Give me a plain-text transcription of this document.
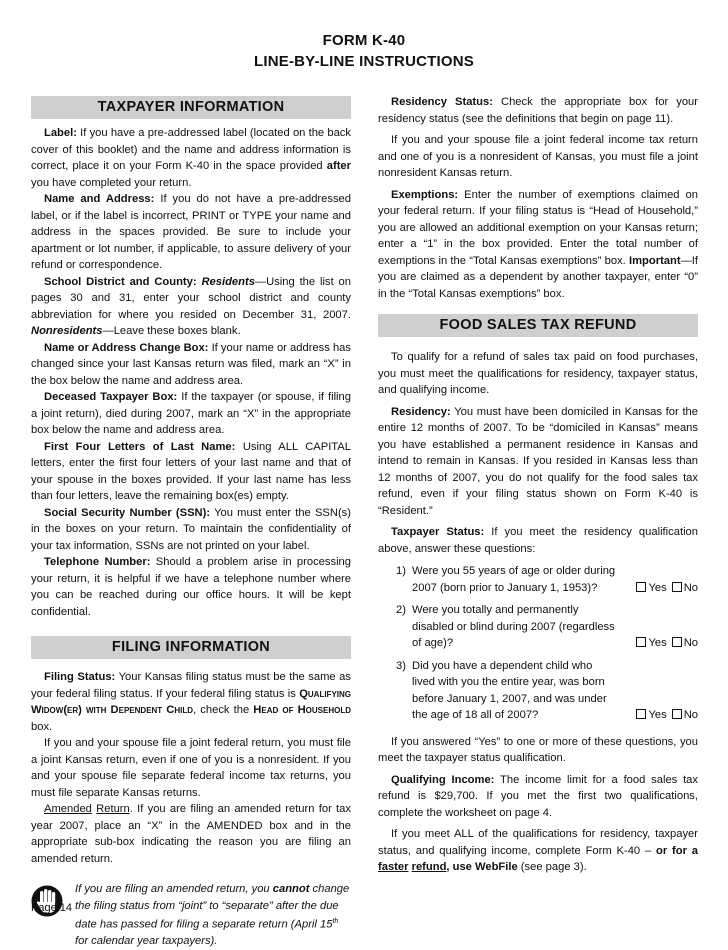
FORM K-40
LINE-BY-LINE INSTRUCTIONS
TAXPAYER INFORMATION

Label: If you have a pre-addressed label (located on the back cover of this booklet) and the name and address information is correct, place it on your Form K-40 in the space provided after you have completed your return.

Name and Address: If you do not have a pre-addressed label, or if the label is incorrect, PRINT or TYPE your name and address in the spaces provided. Be sure to include your apartment or lot number, if applicable, to assure delivery of your refund or correspondence.

School District and County: Residents—Using the list on pages 30 and 31, enter your school district and county abbreviation for where you resided on December 31, 2007. Nonresidents—Leave these boxes blank.

Name or Address Change Box: If your name or address has changed since your last Kansas return was filed, mark an “X” in the box below the name and address area.

Deceased Taxpayer Box: If the taxpayer (or spouse, if filing a joint return), died during 2007, mark an “X” in the appropriate box below the name and address area.

First Four Letters of Last Name: Using ALL CAPITAL letters, enter the first four letters of your last name and that of your spouse in the boxes provided. If your last name has less than four letters, leave the remaining box(es) empty.

Social Security Number (SSN): You must enter the SSN(s) in the boxes on your return. To maintain the confidentiality of your tax information, SSNs are not printed on your label.

Telephone Number: Should a problem arise in processing your return, it is helpful if we have a telephone number where you can be reached during our office hours. It will be kept confidential.

FILING INFORMATION

Filing Status: Your Kansas filing status must be the same as your federal filing status. If your federal filing status is Qualifying Widow(er) with Dependent Child, check the Head of Household box.

If you and your spouse file a joint federal return, you must file a joint Kansas return, even if one of you is a nonresident. If you and your spouse file separate federal income tax returns, you must file separate Kansas returns.

Amended Return. If you are filing an amended return for tax year 2007, place an “X” in the AMENDED box and in the appropriate sub-box indicating the reason you are filing an amended return.

If you are filing an amended return, you cannot change the filing status from “joint” to “separate” after the due date has passed for filing a separate return (April 15th for calendar year taxpayers).

Residency Status: Check the appropriate box for your residency status (see the definitions that begin on page 11).

If you and your spouse file a joint federal income tax return and one of you is a nonresident of Kansas, you must file a joint nonresident Kansas return.

Exemptions: Enter the number of exemptions claimed on your federal return. If your filing status is “Head of Household,” you are allowed an additional exemption on your Kansas return; enter a “1” in the box provided. Enter the total number of exemptions in the “Total Kansas exemptions” box. Important—If you are claimed as a dependent by another taxpayer, enter “0” in the “Total Kansas exemptions” box.

FOOD SALES TAX REFUND

To qualify for a refund of sales tax paid on food purchases, you must meet the qualifications for residency, taxpayer status, and qualifying income.

Residency: You must have been domiciled in Kansas for the entire 12 months of 2007. To be “domiciled in Kansas” means you have established a permanent residence in Kansas and intend to remain in Kansas. If you resided in Kansas less than 12 months of 2007, you do not qualify for the food sales tax refund, even if your filing status shown on Form K-40 is “Resident.”

Taxpayer Status: If you meet the residency qualification above, answer these questions:

1) Were you 55 years of age or older during 2007 (born prior to January 1, 1953)?	Yes	No
2) Were you totally and permanently disabled or blind during 2007 (regardless of age)?	Yes	No
3) Did you have a dependent child who lived with you the entire year, was born before January 1, 2007, and was under the age of 18 all of 2007?	Yes	No

If you answered “Yes” to one or more of these questions, you meet the taxpayer status qualification.

Qualifying Income: The income limit for a food sales tax refund is $29,700. If you met the first two qualifications, complete the worksheet on page 4.

If you meet ALL of the qualifications for residency, taxpayer status, and qualifying income, complete Form K-40 – or for a faster refund, use WebFile (see page 3).

Page 14
